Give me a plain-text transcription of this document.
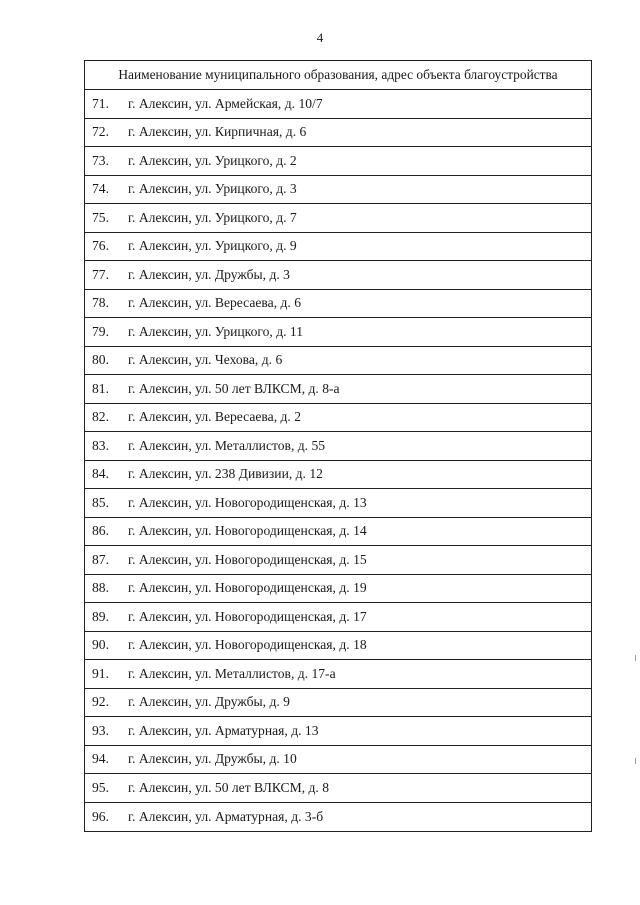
4
Наименование муниципального образования, адрес объекта благоустройства
71.	г. Алексин, ул. Армейская, д. 10/7
72.	г. Алексин, ул. Кирпичная, д. 6
73.	г. Алексин, ул. Урицкого, д. 2
74.	г. Алексин, ул. Урицкого, д. 3
75.	г. Алексин, ул. Урицкого, д. 7
76.	г. Алексин, ул. Урицкого, д. 9
77.	г. Алексин, ул. Дружбы, д. 3
78.	г. Алексин, ул. Вересаева, д. 6
79.	г. Алексин, ул. Урицкого, д. 11
80.	г. Алексин, ул. Чехова, д. 6
81.	г. Алексин, ул. 50 лет ВЛКСМ, д. 8-а
82.	г. Алексин, ул. Вересаева, д. 2
83.	г. Алексин, ул. Металлистов, д. 55
84.	г. Алексин, ул. 238 Дивизии, д. 12
85.	г. Алексин, ул. Новогородищенская, д. 13
86.	г. Алексин, ул. Новогородищенская, д. 14
87.	г. Алексин, ул. Новогородищенская, д. 15
88.	г. Алексин, ул. Новогородищенская, д. 19
89.	г. Алексин, ул. Новогородищенская, д. 17
90.	г. Алексин, ул. Новогородищенская, д. 18
91.	г. Алексин, ул. Металлистов, д. 17-а
92.	г. Алексин, ул. Дружбы, д. 9
93.	г. Алексин, ул. Арматурная, д. 13
94.	г. Алексин, ул. Дружбы, д. 10
95.	г. Алексин, ул. 50 лет ВЛКСМ, д. 8
96.	г. Алексин, ул. Арматурная, д. 3-б
